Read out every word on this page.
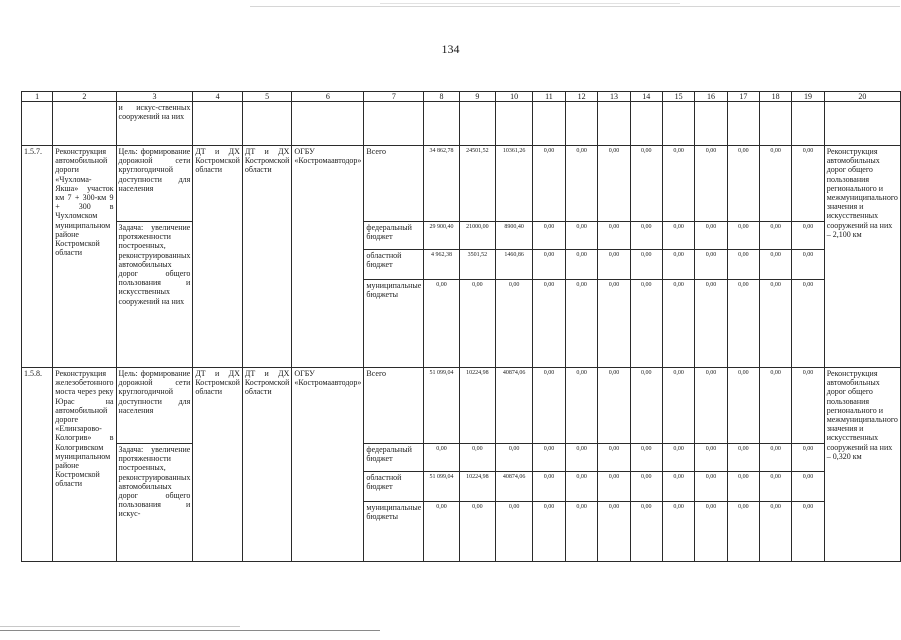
134
1	2	3	4	5	6	7	8	9	10	11	12	13	14	15	16	17	18	19	20
		и искус-ственных сооружений на них																	
1.5.7.	Реконструкция автомобильной дороги «Чухлома-Якша» участок км 7 + 300-км 9 + 300 в Чухломском муниципальном районе Костромской области	Цель: формирование дорожной сети круглогодичной доступности для населения	ДТ и ДХ Костромской области	ДТ и ДХ Костромской области	ОГБУ «Костромаавтодор»	Всего	34 862,78	24501,52	10361,26	0,00	0,00	0,00	0,00	0,00	0,00	0,00	0,00	0,00	Реконструкция автомобильных дорог общего пользования регионального и межмуниципального значения и искусственных сооружений на них – 2,100 км
		Задача: увеличение протяженности построенных, реконструированных автомобильных дорог общего пользования и искусственных сооружений на них				федеральный бюджет	29 900,40	21000,00	8900,40	0,00	0,00	0,00	0,00	0,00	0,00	0,00	0,00	0,00	
						областной бюджет	4 962,38	3501,52	1460,86	0,00	0,00	0,00	0,00	0,00	0,00	0,00	0,00	0,00	
						муниципальные бюджеты	0,00	0,00	0,00	0,00	0,00	0,00	0,00	0,00	0,00	0,00	0,00	0,00	
1.5.8.	Реконструкция железобетонного моста через реку Юрас на автомобильной дороге «Елинзарово-Кологрив» в Кологривском муниципальном районе Костромской области	Цель: формирование дорожной сети круглогодичной доступности для населения	ДТ и ДХ Костромской области	ДТ и ДХ Костромской области	ОГБУ «Костромаавтодор»	Всего	51 099,04	10224,98	40874,06	0,00	0,00	0,00	0,00	0,00	0,00	0,00	0,00	0,00	Реконструкция автомобильных дорог общего пользования регионального и межмуниципального значения и искусственных сооружений на них – 0,320 км
		Задача: увеличение протяженности построенных, реконструированных автомобильных дорог общего пользования и искус-				федеральный бюджет	0,00	0,00	0,00	0,00	0,00	0,00	0,00	0,00	0,00	0,00	0,00	0,00	
						областной бюджет	51 099,04	10224,98	40874,06	0,00	0,00	0,00	0,00	0,00	0,00	0,00	0,00	0,00	
						муниципальные бюджеты	0,00	0,00	0,00	0,00	0,00	0,00	0,00	0,00	0,00	0,00	0,00	0,00	
